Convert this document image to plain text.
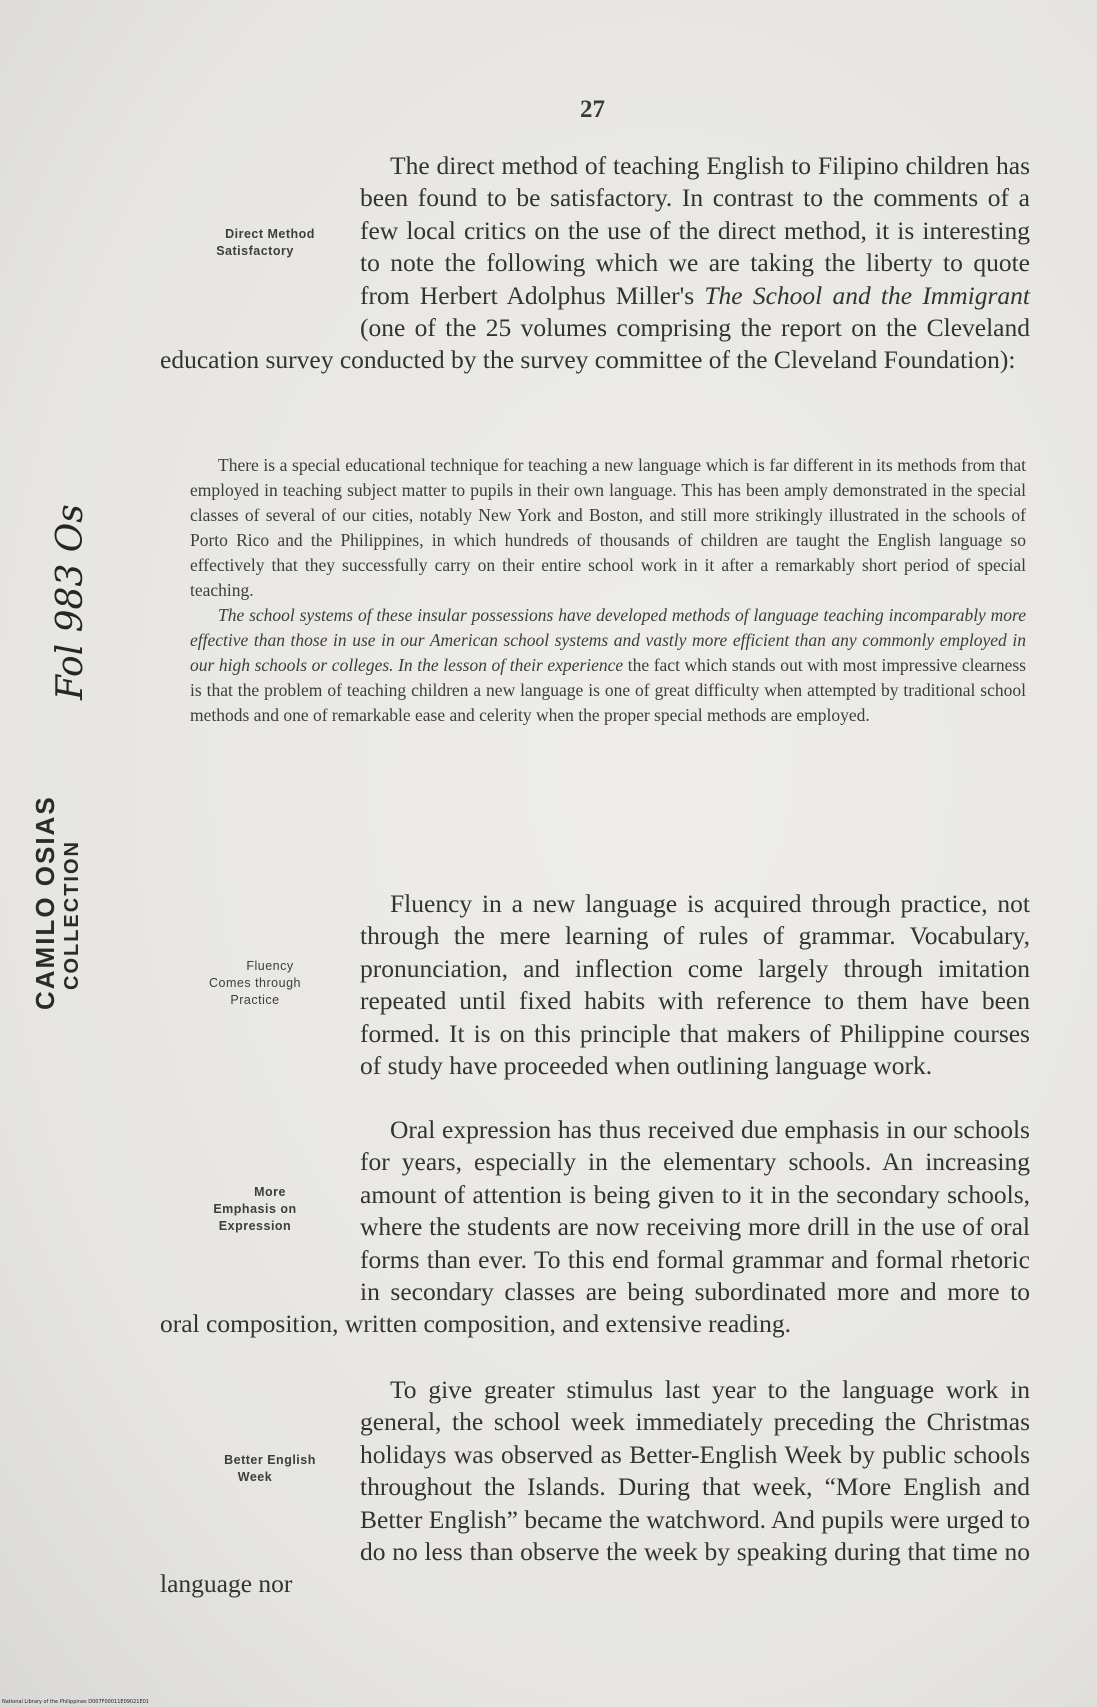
27
Fol 983 Os
CAMILO OSIAS COLLECTION

Direct Method
Satisfactory
The direct method of teaching English to Filipino children has been found to be satisfactory. In contrast to the comments of a few local critics on the use of the direct method, it is interesting to note the following which we are taking the liberty to quote from Herbert Adolphus Miller's The School and the Immigrant (one of the 25 volumes comprising the report on the Cleveland education survey conducted by the survey committee of the Cleveland Foundation):

There is a special educational technique for teaching a new language which is far different in its methods from that employed in teaching subject matter to pupils in their own language. This has been amply demonstrated in the special classes of several of our cities, notably New York and Boston, and still more strikingly illustrated in the schools of Porto Rico and the Philippines, in which hundreds of thousands of children are taught the English language so effectively that they successfully carry on their entire school work in it after a remarkably short period of special teaching.

The school systems of these insular possessions have developed methods of language teaching incomparably more effective than those in use in our American school systems and vastly more efficient than any commonly employed in our high schools or colleges. In the lesson of their experience the fact which stands out with most impressive clearness is that the problem of teaching children a new language is one of great difficulty when attempted by traditional school methods and one of remarkable ease and celerity when the proper special methods are employed.

Fluency
Comes through
Practice
Fluency in a new language is acquired through practice, not through the mere learning of rules of grammar. Vocabulary, pronunciation, and inflection come largely through imitation repeated until fixed habits with reference to them have been formed. It is on this principle that makers of Philippine courses of study have proceeded when outlining language work.

More
Emphasis on
Expression
Oral expression has thus received due emphasis in our schools for years, especially in the elementary schools. An increasing amount of attention is being given to it in the secondary schools, where the students are now receiving more drill in the use of oral forms than ever. To this end formal grammar and formal rhetoric in secondary classes are being subordinated more and more to oral composition, written composition, and extensive reading.

Better English
Week
To give greater stimulus last year to the language work in general, the school week immediately preceding the Christmas holidays was observed as Better-English Week by public schools throughout the Islands. During that week, “More English and Better English” became the watchword. And pupils were urged to do no less than observe the week by speaking during that time no language nor

National Library of the Philippines D007F00011E09021E01
